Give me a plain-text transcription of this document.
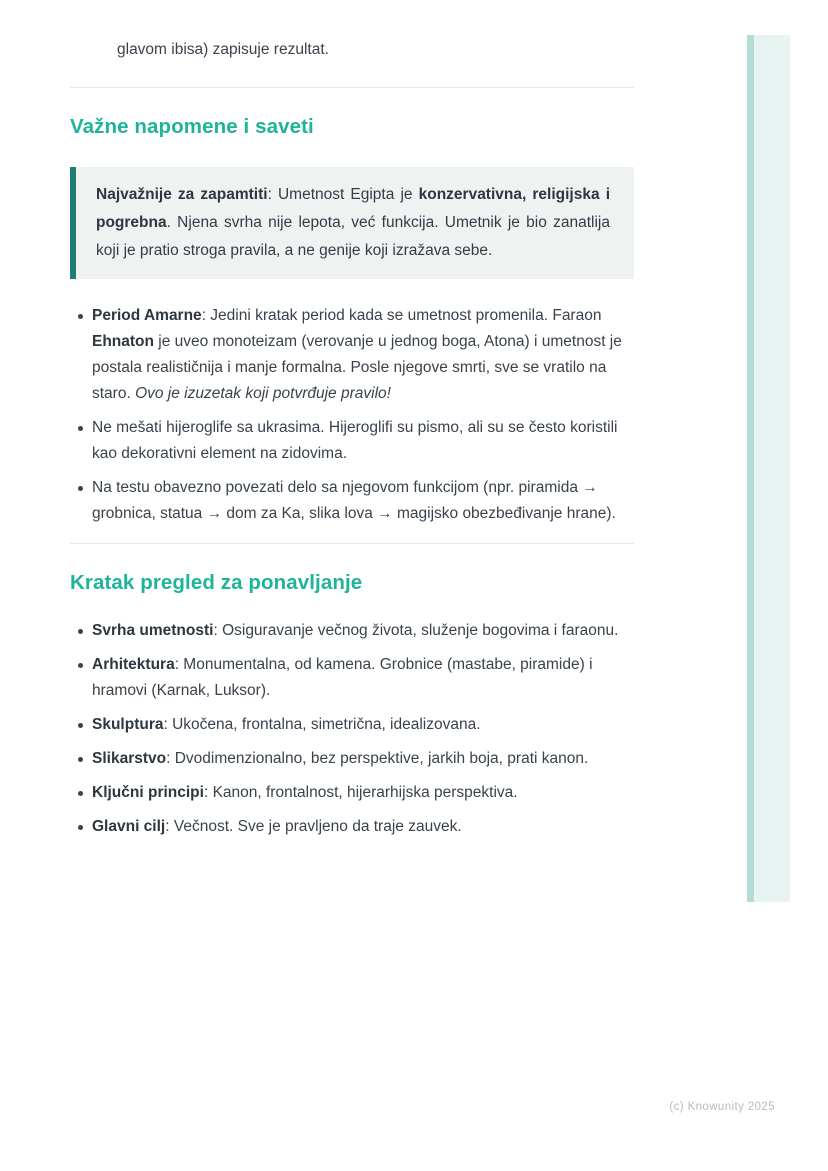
glavom ibisa) zapisuje rezultat.

Važne napomene i saveti

Najvažnije za zapamtiti: Umetnost Egipta je konzervativna, religijska i pogrebna. Njena svrha nije lepota, već funkcija. Umetnik je bio zanatlija koji je pratio stroga pravila, a ne genije koji izražava sebe.

Period Amarne: Jedini kratak period kada se umetnost promenila. Faraon Ehnaton je uveo monoteizam (verovanje u jednog boga, Atona) i umetnost je postala realističnija i manje formalna. Posle njegove smrti, sve se vratilo na staro. Ovo je izuzetak koji potvrđuje pravilo!
Ne mešati hijeroglife sa ukrasima. Hijeroglifi su pismo, ali su se često koristili kao dekorativni element na zidovima.
Na testu obavezno povezati delo sa njegovom funkcijom (npr. piramida → grobnica, statua → dom za Ka, slika lova → magijsko obezbeđivanje hrane).
Kratak pregled za ponavljanje
Svrha umetnosti: Osiguravanje večnog života, služenje bogovima i faraonu.
Arhitektura: Monumentalna, od kamena. Grobnice (mastabe, piramide) i hramovi (Karnak, Luksor).
Skulptura: Ukočena, frontalna, simetrična, idealizovana.
Slikarstvo: Dvodimenzionalno, bez perspektive, jarkih boja, prati kanon.
Ključni principi: Kanon, frontalnost, hijerarhijska perspektiva.
Glavni cilj: Večnost. Sve je pravljeno da traje zauvek.
(c) Knowunity 2025
